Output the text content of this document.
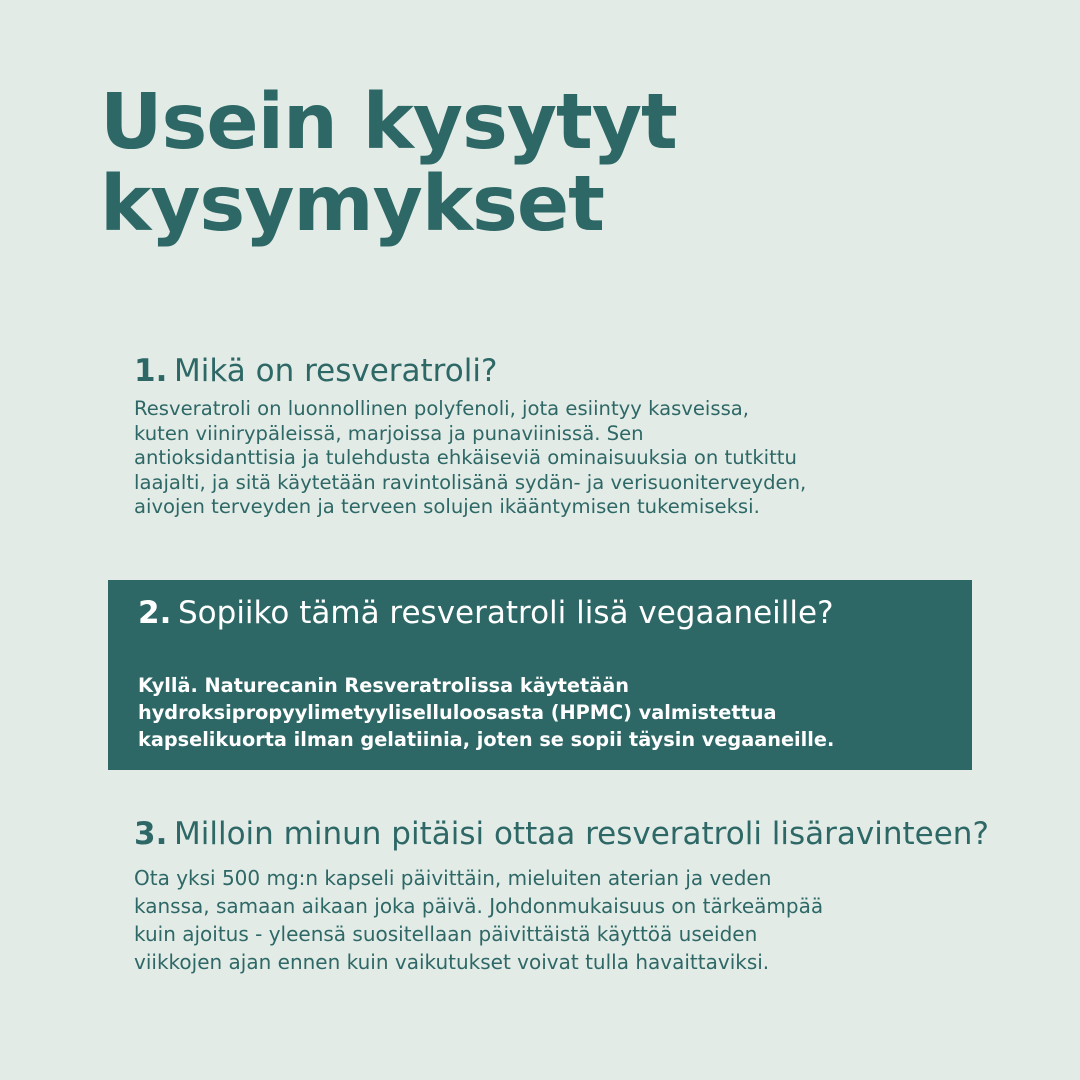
Usein kysytyt
kysymykset
1. Mikä on resveratroli?

Resveratroli on luonnollinen polyfenoli, jota esiintyy kasveissa,
kuten viinirypäleissä, marjoissa ja punaviinissä. Sen
antioksidanttisia ja tulehdusta ehkäiseviä ominaisuuksia on tutkittu
laajalti, ja sitä käytetään ravintolisänä sydän- ja verisuoniterveyden,
aivojen terveyden ja terveen solujen ikääntymisen tukemiseksi.

2. Sopiiko tämä resveratroli lisä vegaaneille?

Kyllä. Naturecanin Resveratrolissa käytetään
hydroksipropyylimetyyliselluloosasta (HPMC) valmistettua
kapselikuorta ilman gelatiinia, joten se sopii täysin vegaaneille.

3. Milloin minun pitäisi ottaa resveratroli lisäravinteen?

Ota yksi 500 mg:n kapseli päivittäin, mieluiten aterian ja veden
kanssa, samaan aikaan joka päivä. Johdonmukaisuus on tärkeämpää
kuin ajoitus - yleensä suositellaan päivittäistä käyttöä useiden
viikkojen ajan ennen kuin vaikutukset voivat tulla havaittaviksi.
